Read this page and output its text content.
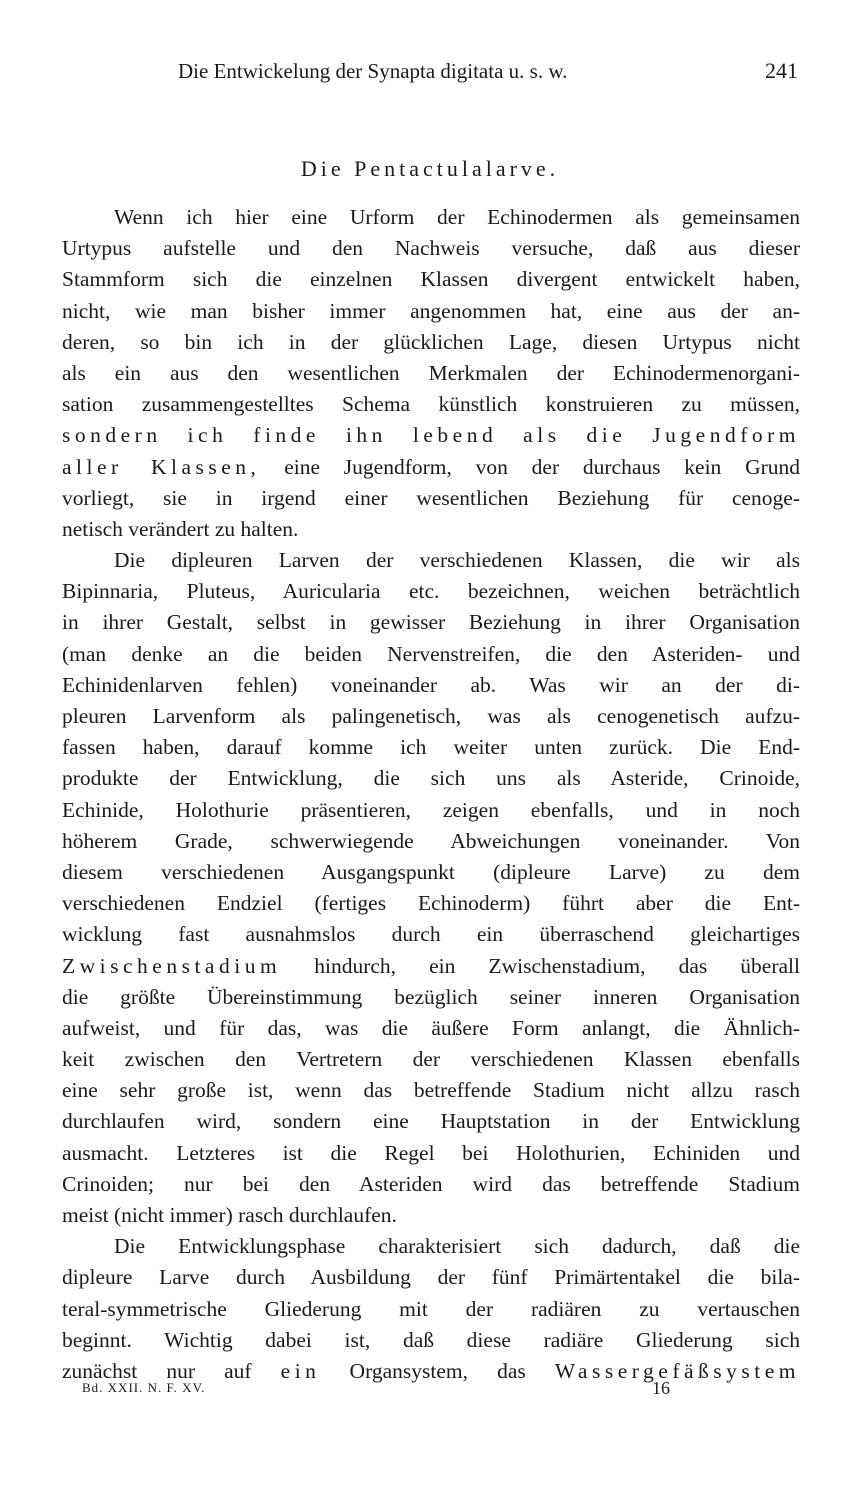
Die Entwickelung der Synapta digitata u. s. w.	241
Die Pentactulalarve.
Wenn ich hier eine Urform der Echinodermen als gemeinsamen
Urtypus aufstelle und den Nachweis versuche, daß aus dieser
Stammform sich die einzelnen Klassen divergent entwickelt haben,
nicht, wie man bisher immer angenommen hat, eine aus der an-
deren, so bin ich in der glücklichen Lage, diesen Urtypus nicht
als ein aus den wesentlichen Merkmalen der Echinodermenorgani-
sation zusammengestelltes Schema künstlich konstruieren zu müssen,
sondern ich finde ihn lebend als die Jugendform
aller Klassen, eine Jugendform, von der durchaus kein Grund
vorliegt, sie in irgend einer wesentlichen Beziehung für cenoge-
netisch verändert zu halten.
Die dipleuren Larven der verschiedenen Klassen, die wir als
Bipinnaria, Pluteus, Auricularia etc. bezeichnen, weichen beträchtlich
in ihrer Gestalt, selbst in gewisser Beziehung in ihrer Organisation
(man denke an die beiden Nervenstreifen, die den Asteriden- und
Echinidenlarven fehlen) voneinander ab. Was wir an der di-
pleuren Larvenform als palingenetisch, was als cenogenetisch aufzu-
fassen haben, darauf komme ich weiter unten zurück. Die End-
produkte der Entwicklung, die sich uns als Asteride, Crinoide,
Echinide, Holothurie präsentieren, zeigen ebenfalls, und in noch
höherem Grade, schwerwiegende Abweichungen voneinander. Von
diesem verschiedenen Ausgangspunkt (dipleure Larve) zu dem
verschiedenen Endziel (fertiges Echinoderm) führt aber die Ent-
wicklung fast ausnahmslos durch ein überraschend gleichartiges
Zwischenstadium hindurch, ein Zwischenstadium, das überall
die größte Übereinstimmung bezüglich seiner inneren Organisation
aufweist, und für das, was die äußere Form anlangt, die Ähnlich-
keit zwischen den Vertretern der verschiedenen Klassen ebenfalls
eine sehr große ist, wenn das betreffende Stadium nicht allzu rasch
durchlaufen wird, sondern eine Hauptstation in der Entwicklung
ausmacht. Letzteres ist die Regel bei Holothurien, Echiniden und
Crinoiden; nur bei den Asteriden wird das betreffende Stadium
meist (nicht immer) rasch durchlaufen.
Die Entwicklungsphase charakterisiert sich dadurch, daß die
dipleure Larve durch Ausbildung der fünf Primärtentakel die bila-
teral-symmetrische Gliederung mit der radiären zu vertauschen
beginnt. Wichtig dabei ist, daß diese radiäre Gliederung sich
zunächst nur auf ein Organsystem, das Wassergefäßsystem
Bd. XXII. N. F. XV.	16
